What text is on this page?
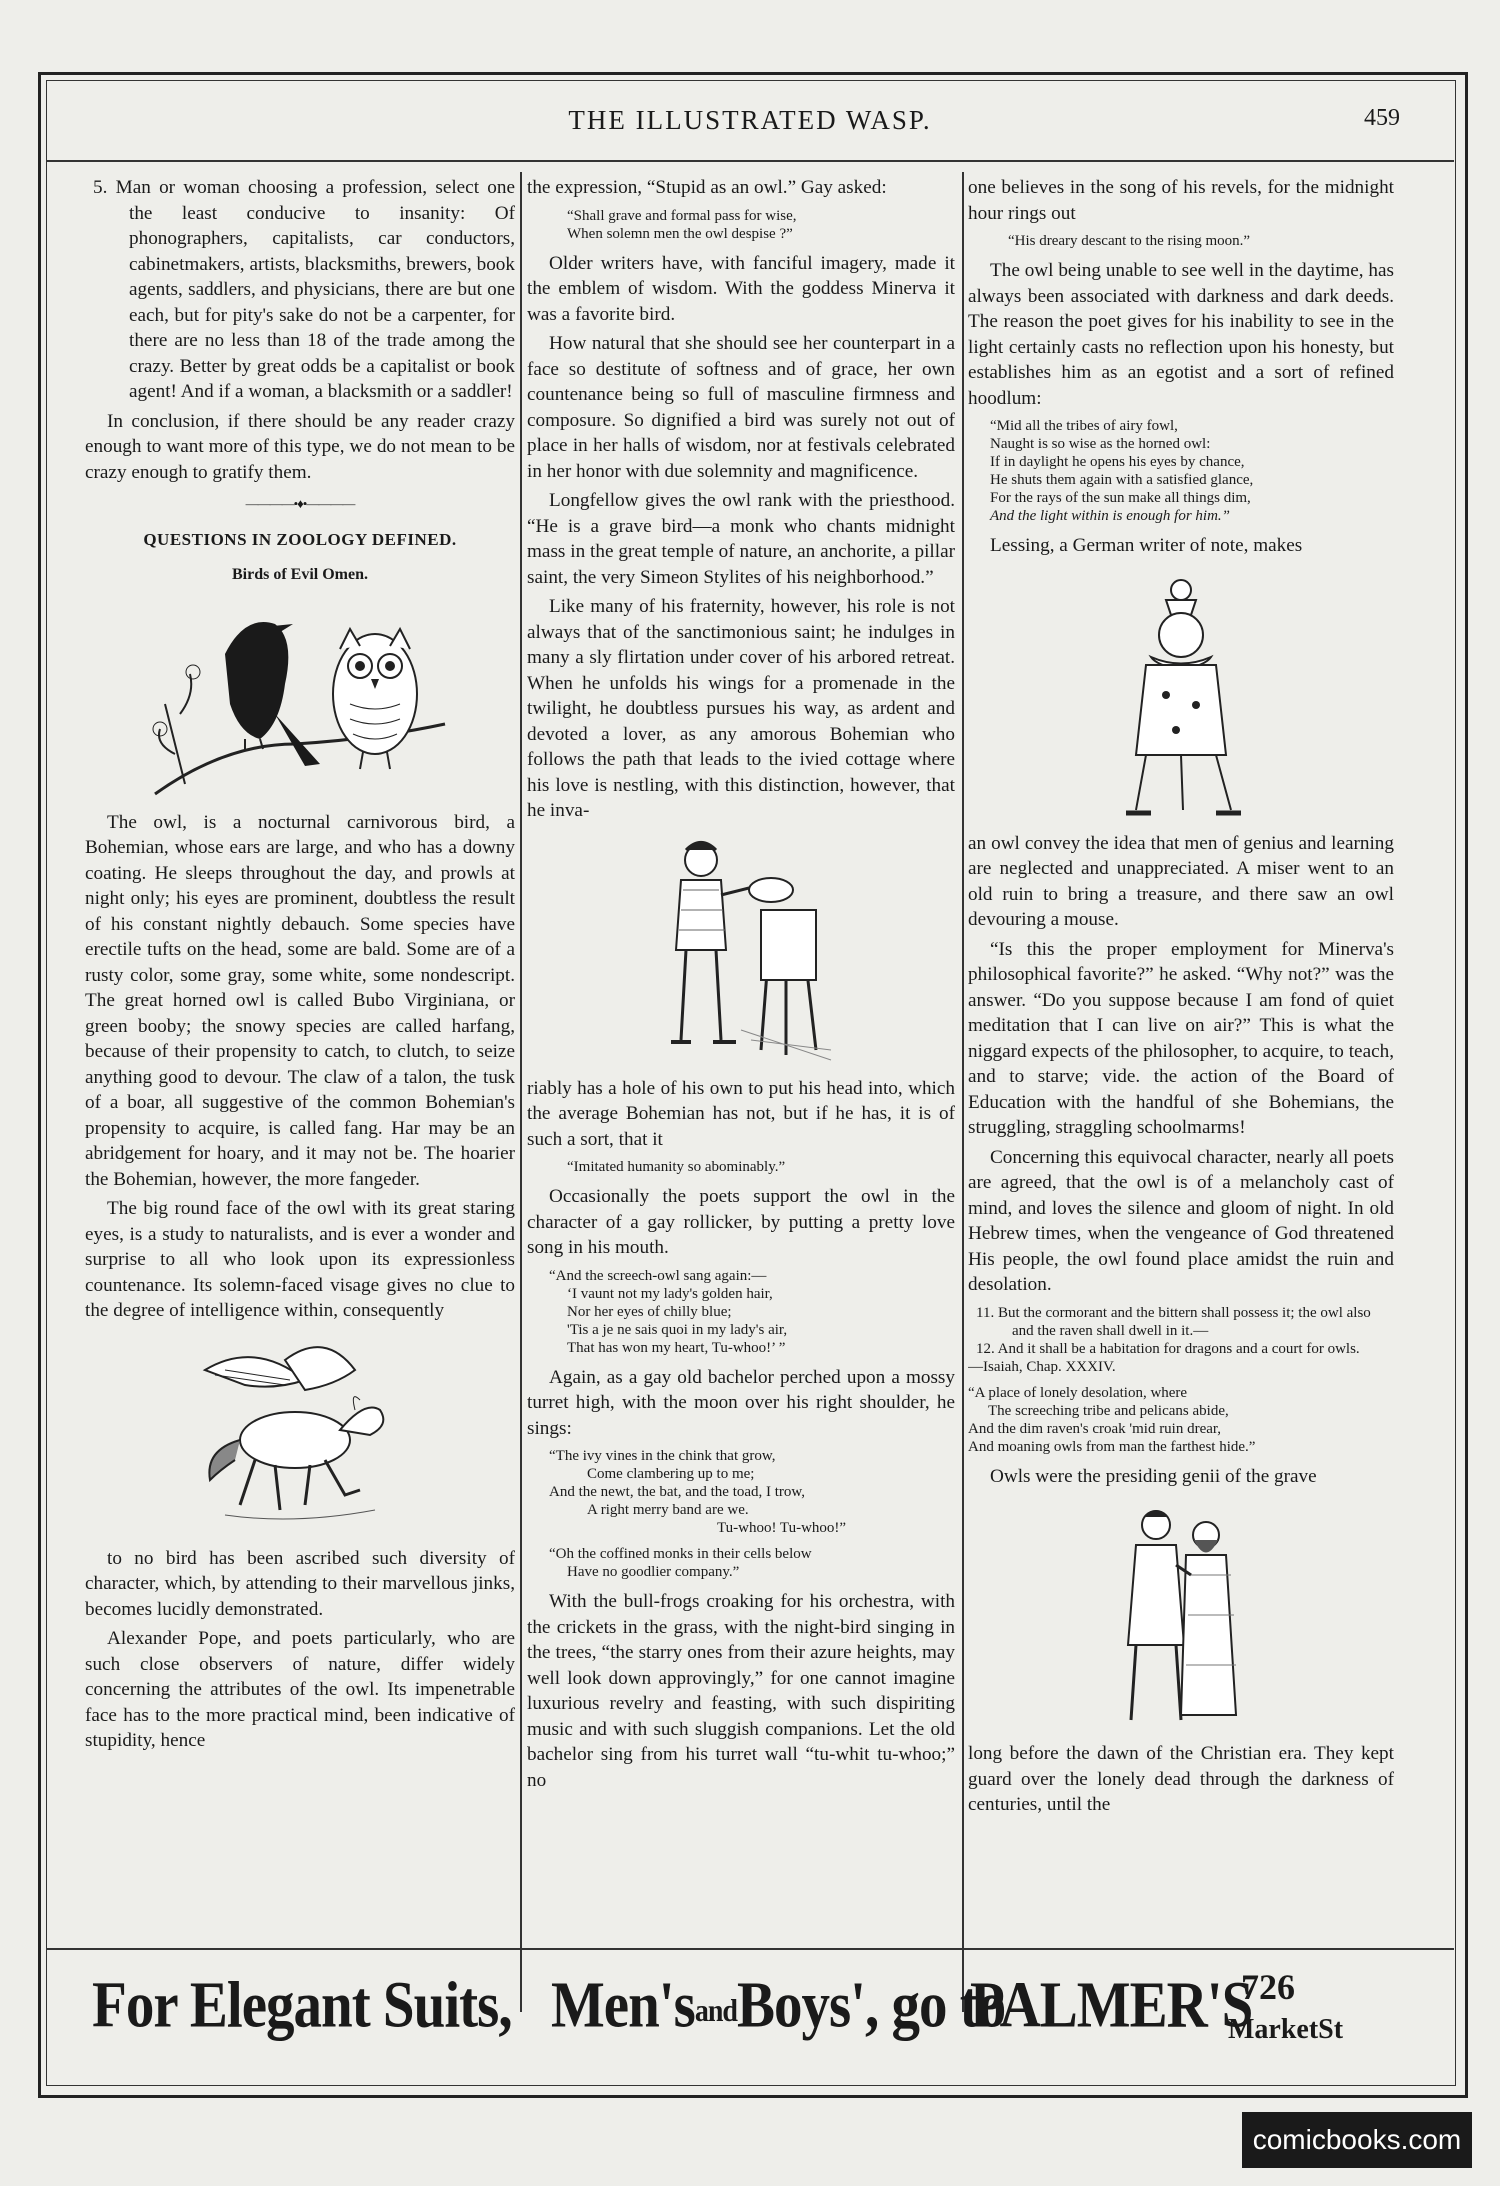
THE ILLUSTRATED WASP.	459

5. Man or woman choosing a profession, select one the least conducive to insanity: Of phonographers, capitalists, car conductors, cabinetmakers, artists, blacksmiths, brewers, book agents, saddlers, and physicians, there are but one each, but for pity's sake do not be a carpenter, for there are no less than 18 of the trade among the crazy. Better by great odds be a capitalist or book agent! And if a woman, a blacksmith or a saddler!

In conclusion, if there should be any reader crazy enough to want more of this type, we do not mean to be crazy enough to gratify them.

————•♦•————
QUESTIONS IN ZOOLOGY DEFINED.
Birds of Evil Omen.

The owl, is a nocturnal carnivorous bird, a Bohemian, whose ears are large, and who has a downy coating. He sleeps throughout the day, and prowls at night only; his eyes are prominent, doubtless the result of his constant nightly debauch. Some species have erectile tufts on the head, some are bald. Some are of a rusty color, some gray, some white, some nondescript. The great horned owl is called Bubo Virginiana, or green booby; the snowy species are called harfang, because of their propensity to catch, to clutch, to seize anything good to devour. The claw of a talon, the tusk of a boar, all suggestive of the common Bohemian's propensity to acquire, is called fang. Har may be an abridgement for hoary, and it may not be. The hoarier the Bohemian, however, the more fangeder.

The big round face of the owl with its great staring eyes, is a study to naturalists, and is ever a wonder and surprise to all who look upon its expressionless countenance. Its solemn-faced visage gives no clue to the degree of intelligence within, consequently

to no bird has been ascribed such diversity of character, which, by attending to their marvellous jinks, becomes lucidly demonstrated.

Alexander Pope, and poets particularly, who are such close observers of nature, differ widely concerning the attributes of the owl. Its impenetrable face has to the more practical mind, been indicative of stupidity, hence

the expression, “Stupid as an owl.” Gay asked:

“Shall grave and formal pass for wise,
When solemn men the owl despise ?”

Older writers have, with fanciful imagery, made it the emblem of wisdom. With the goddess Minerva it was a favorite bird.

How natural that she should see her counterpart in a face so destitute of softness and of grace, her own countenance being so full of masculine firmness and composure. So dignified a bird was surely not out of place in her halls of wisdom, nor at festivals celebrated in her honor with due solemnity and magnificence.

Longfellow gives the owl rank with the priesthood. “He is a grave bird—a monk who chants midnight mass in the great temple of nature, an anchorite, a pillar saint, the very Simeon Stylites of his neighborhood.”

Like many of his fraternity, however, his role is not always that of the sanctimonious saint; he indulges in many a sly flirtation under cover of his arbored retreat. When he unfolds his wings for a promenade in the twilight, he doubtless pursues his way, as ardent and devoted a lover, as any amorous Bohemian who follows the path that leads to the ivied cottage where his love is nestling, with this distinction, however, that he inva-

riably has a hole of his own to put his head into, which the average Bohemian has not, but if he has, it is of such a sort, that it

“Imitated humanity so abominably.”

Occasionally the poets support the owl in the character of a gay rollicker, by putting a pretty love song in his mouth.

“And the screech-owl sang again:—
‘I vaunt not my lady's golden hair,
Nor her eyes of chilly blue;
'Tis a je ne sais quoi in my lady's air,
That has won my heart, Tu-whoo!’ ”

Again, as a gay old bachelor perched upon a mossy turret high, with the moon over his right shoulder, he sings:

“The ivy vines in the chink that grow,
Come clambering up to me;
And the newt, the bat, and the toad, I trow,
A right merry band are we.
Tu-whoo! Tu-whoo!”
“Oh the coffined monks in their cells below
Have no goodlier company.”

With the bull-frogs croaking for his orchestra, with the crickets in the grass, with the night-bird singing in the trees, “the starry ones from their azure heights, may well look down approvingly,” for one cannot imagine luxurious revelry and feasting, with such dispiriting music and with such sluggish companions. Let the old bachelor sing from his turret wall “tu-whit tu-whoo;” no

one believes in the song of his revels, for the midnight hour rings out

“His dreary descant to the rising moon.”

The owl being unable to see well in the daytime, has always been associated with darkness and dark deeds. The reason the poet gives for his inability to see in the light certainly casts no reflection upon his honesty, but establishes him as an egotist and a sort of refined hoodlum:

“Mid all the tribes of airy fowl,
Naught is so wise as the horned owl:
If in daylight he opens his eyes by chance,
He shuts them again with a satisfied glance,
For the rays of the sun make all things dim,
And the light within is enough for him.”

Lessing, a German writer of note, makes

an owl convey the idea that men of genius and learning are neglected and unappreciated. A miser went to an old ruin to bring a treasure, and there saw an owl devouring a mouse.

“Is this the proper employment for Minerva's philosophical favorite?” he asked. “Why not?” was the answer. “Do you suppose because I am fond of quiet meditation that I can live on air?” This is what the niggard expects of the philosopher, to acquire, to teach, and to starve; vide. the action of the Board of Education with the handful of she Bohemians, the struggling, straggling schoolmarms!

Concerning this equivocal character, nearly all poets are agreed, that the owl is of a melancholy cast of mind, and loves the silence and gloom of night. In old Hebrew times, when the vengeance of God threatened His people, the owl found place amidst the ruin and desolation.

11. But the cormorant and the bittern shall possess it; the owl also and the raven shall dwell in it.—
12. And it shall be a habitation for dragons and a court for owls.
—Isaiah, Chap. XXXIV.
“A place of lonely desolation, where
The screeching tribe and pelicans abide,
And the dim raven's croak 'mid ruin drear,
And moaning owls from man the farthest hide.”

Owls were the presiding genii of the grave

long before the dawn of the Christian era. They kept guard over the lonely dead through the darkness of centuries, until the

For Elegant Suits, Men'sandBoys', go to
PALMER'S
726
MarketSt
comicbooks.com
